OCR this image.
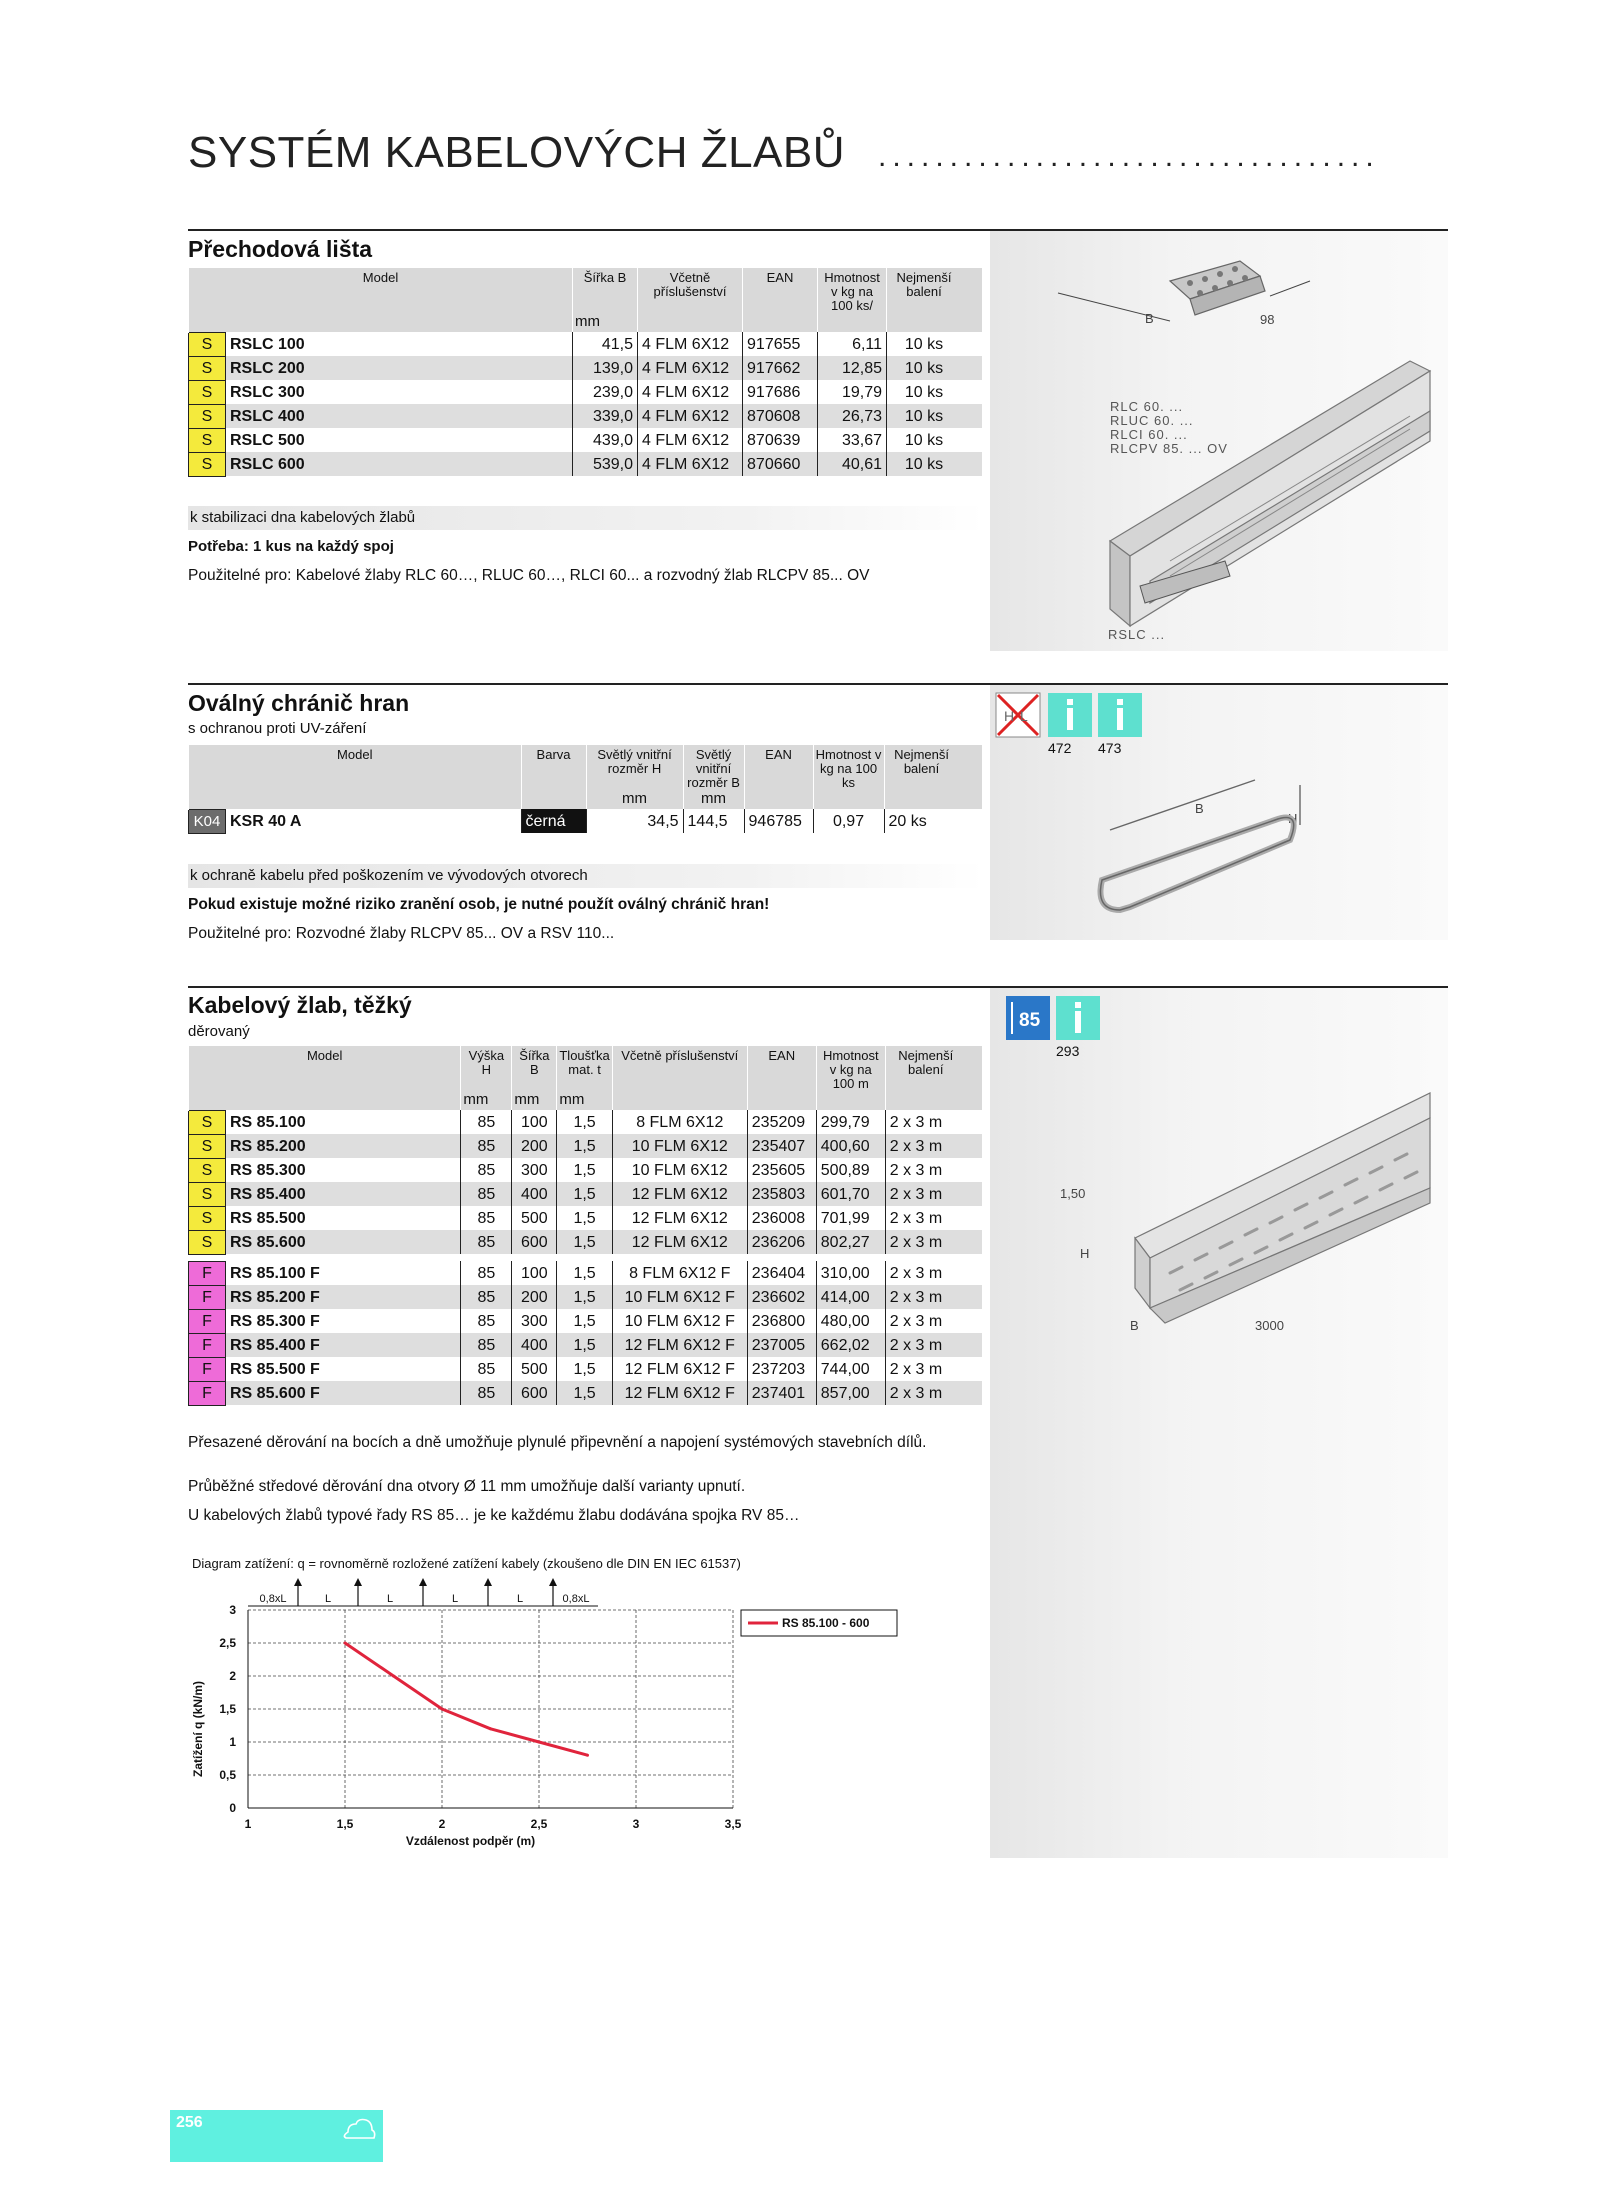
SYSTÉM KABELOVÝCH ŽLABŮ ...................................
B	98
RLC 60. ...
RLUC 60. ...
RLCI 60. ...
RLCPV 85. ... OV
RSLC ...
Přechodová lišta
Model		Šířka B	Včetně příslušenství	EAN	Hmotnost v kg na 100 ks/	Nejmenší balení	
		mm					
S	RSLC 100	41,5	4 FLM 6X12	917655	6,11	10 ks	
S	RSLC 200	139,0	4 FLM 6X12	917662	12,85	10 ks	
S	RSLC 300	239,0	4 FLM 6X12	917686	19,79	10 ks	
S	RSLC 400	339,0	4 FLM 6X12	870608	26,73	10 ks	
S	RSLC 500	439,0	4 FLM 6X12	870639	33,67	10 ks	
S	RSLC 600	539,0	4 FLM 6X12	870660	40,61	10 ks	
k stabilizaci dna kabelových žlabů
Potřeba: 1 kus na každý spoj
Použitelné pro: Kabelové žlaby RLC 60…, RLUC 60…, RLCI 60... a rozvodný žlab RLCPV 85... OV
H L
472 473
B
H
Oválný chránič hran
s ochranou proti UV-záření
Model		Barva	Světlý vnitřní rozměr H	Světlý vnitřní rozměr B	EAN	Hmotnost v kg na 100 ks	Nejmenší balení	
			mm	mm				
K04	KSR 40 A	černá	34,5	144,5	946785	0,97	20 ks	
k ochraně kabelu před poškozením ve vývodových otvorech
Pokud existuje možné riziko zranění osob, je nutné použít oválný chránič hran!
Použitelné pro: Rozvodné žlaby RLCPV 85... OV a RSV 110...
85
293
1,50
H
B	3000
Kabelový žlab, těžký
děrovaný
Model		Výška H	Šířka B	Tloušťka mat. t	Včetně příslušenství	EAN	Hmotnost v kg na 100 m	Nejmenší balení	
		mm	mm	mm					
S	RS 85.100	85	100	1,5	8 FLM 6X12	235209	299,79	2 x 3 m	
S	RS 85.200	85	200	1,5	10 FLM 6X12	235407	400,60	2 x 3 m	
S	RS 85.300	85	300	1,5	10 FLM 6X12	235605	500,89	2 x 3 m	
S	RS 85.400	85	400	1,5	12 FLM 6X12	235803	601,70	2 x 3 m	
S	RS 85.500	85	500	1,5	12 FLM 6X12	236008	701,99	2 x 3 m	
S	RS 85.600	85	600	1,5	12 FLM 6X12	236206	802,27	2 x 3 m	

F	RS 85.100 F	85	100	1,5	8 FLM 6X12 F	236404	310,00	2 x 3 m	
F	RS 85.200 F	85	200	1,5	10 FLM 6X12 F	236602	414,00	2 x 3 m	
F	RS 85.300 F	85	300	1,5	10 FLM 6X12 F	236800	480,00	2 x 3 m	
F	RS 85.400 F	85	400	1,5	12 FLM 6X12 F	237005	662,02	2 x 3 m	
F	RS 85.500 F	85	500	1,5	12 FLM 6X12 F	237203	744,00	2 x 3 m	
F	RS 85.600 F	85	600	1,5	12 FLM 6X12 F	237401	857,00	2 x 3 m	
Přesazené děrování na bocích a dně umožňuje plynulé připevnění a napojení systémových stavebních dílů.
Průběžné středové děrování dna otvory Ø 11 mm umožňuje další varianty upnutí.
U kabelových žlabů typové řady RS 85… je ke každému žlabu dodávána spojka RV 85…
Diagram zatížení: q = rovnoměrně rozložené zatížení kabely (zkoušeno dle DIN EN IEC 61537)
0
0,5
1
1,5
2
2,5
3
1	1,5	2	2,5	3	3,5
0,8xL	L	L	L	L	0,8xL
RS 85.100 - 600
Vzdálenost podpěr (m)
Zatížení q (kN/m)
256
